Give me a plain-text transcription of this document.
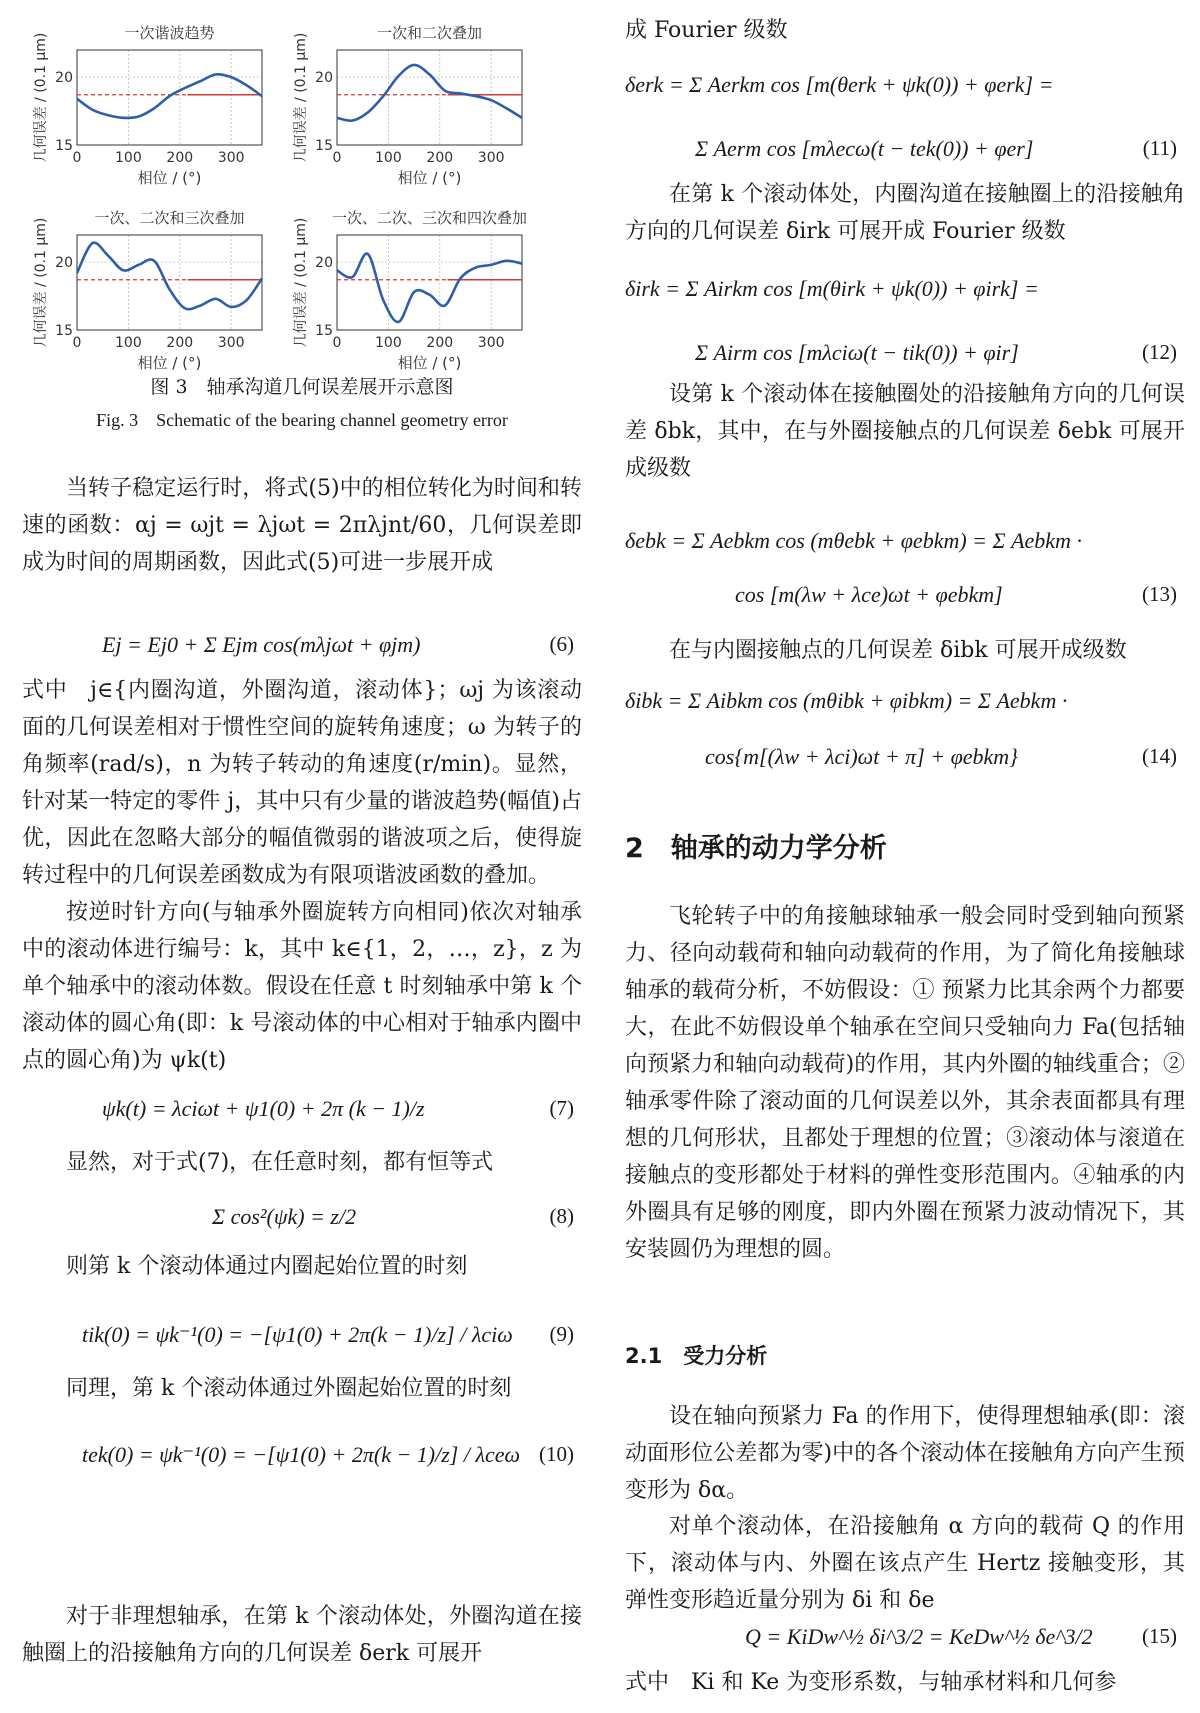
一次谐波趋势
0 100 200 300
15
20
相位 / (°)
几何误差 / (0.1 μm)	一次和二次叠加
0 100 200 300
15
20
相位 / (°)
几何误差 / (0.1 μm)
一次、二次和三次叠加
0 100 200 300
15
20
相位 / (°)
几何误差 / (0.1 μm)	一次、二次、三次和四次叠加
0 100 200 300
15
20
相位 / (°)
几何误差 / (0.1 μm)
图 3　轴承沟道几何误差展开示意图
Fig. 3　Schematic of the bearing channel geometry error

当转子稳定运行时，将式(5)中的相位转化为时间和转速的函数：αj = ωjt = λjωt = 2πλjnt/60，几何误差即成为时间的周期函数，因此式(5)可进一步展开成

Ej = Ej0 + Σ Ejm cos(mλjωt + φjm)	(6)

式中　j∈{内圈沟道，外圈沟道，滚动体}；ωj 为该滚动面的几何误差相对于惯性空间的旋转角速度；ω 为转子的角频率(rad/s)，n 为转子转动的角速度(r/min)。显然，针对某一特定的零件 j，其中只有少量的谐波趋势(幅值)占优，因此在忽略大部分的幅值微弱的谐波项之后，使得旋转过程中的几何误差函数成为有限项谐波函数的叠加。

按逆时针方向(与轴承外圈旋转方向相同)依次对轴承中的滚动体进行编号：k，其中 k∈{1，2，…，z}，z 为单个轴承中的滚动体数。假设在任意 t 时刻轴承中第 k 个滚动体的圆心角(即：k 号滚动体的中心相对于轴承内圈中点的圆心角)为 ψk(t)

ψk(t) = λciωt + ψ1(0) + 2π (k − 1)/z	(7)

显然，对于式(7)，在任意时刻，都有恒等式

Σ cos²(ψk) = z/2	(8)

则第 k 个滚动体通过内圈起始位置的时刻

tik(0) = ψk⁻¹(0) = −[ψ1(0) + 2π(k − 1)/z] / λciω (9)

同理，第 k 个滚动体通过外圈起始位置的时刻

tek(0) = ψk⁻¹(0) = −[ψ1(0) + 2π(k − 1)/z] / λceω (10)

对于非理想轴承，在第 k 个滚动体处，外圈沟道在接触圈上的沿接触角方向的几何误差 δerk 可展开

成 Fourier 级数

δerk = Σ Aerkm cos [m(θerk + ψk(0)) + φerk] =
Σ Aerm cos [mλecω(t − tek(0)) + φer]	(11)

在第 k 个滚动体处，内圈沟道在接触圈上的沿接触角方向的几何误差 δirk 可展开成 Fourier 级数

δirk = Σ Airkm cos [m(θirk + ψk(0)) + φirk] =
Σ Airm cos [mλciω(t − tik(0)) + φir]	(12)

设第 k 个滚动体在接触圈处的沿接触角方向的几何误差 δbk，其中，在与外圈接触点的几何误差 δebk 可展开成级数

δebk = Σ Aebkm cos (mθebk + φebkm) = Σ Aebkm ·
cos [m(λw + λce)ωt + φebkm]	(13)

在与内圈接触点的几何误差 δibk 可展开成级数

δibk = Σ Aibkm cos (mθibk + φibkm) = Σ Aebkm ·
cos{m[(λw + λci)ωt + π] + φebkm}	(14)
2　轴承的动力学分析

飞轮转子中的角接触球轴承一般会同时受到轴向预紧力、径向动载荷和轴向动载荷的作用，为了简化角接触球轴承的载荷分析，不妨假设：① 预紧力比其余两个力都要大，在此不妨假设单个轴承在空间只受轴向力 Fa(包括轴向预紧力和轴向动载荷)的作用，其内外圈的轴线重合；② 轴承零件除了滚动面的几何误差以外，其余表面都具有理想的几何形状，且都处于理想的位置；③滚动体与滚道在接触点的变形都处于材料的弹性变形范围内。④轴承的内外圈具有足够的刚度，即内外圈在预紧力波动情况下，其安装圆仍为理想的圆。

2.1　受力分析

设在轴向预紧力 Fa 的作用下，使得理想轴承(即：滚动面形位公差都为零)中的各个滚动体在接触角方向产生预变形为 δα。

对单个滚动体，在沿接触角 α 方向的载荷 Q 的作用下，滚动体与内、外圈在该点产生 Hertz 接触变形，其弹性变形趋近量分别为 δi 和 δe

Q = KiDw^½ δi^3/2 = KeDw^½ δe^3/2 (15)

式中　Ki 和 Ke 为变形系数，与轴承材料和几何参
